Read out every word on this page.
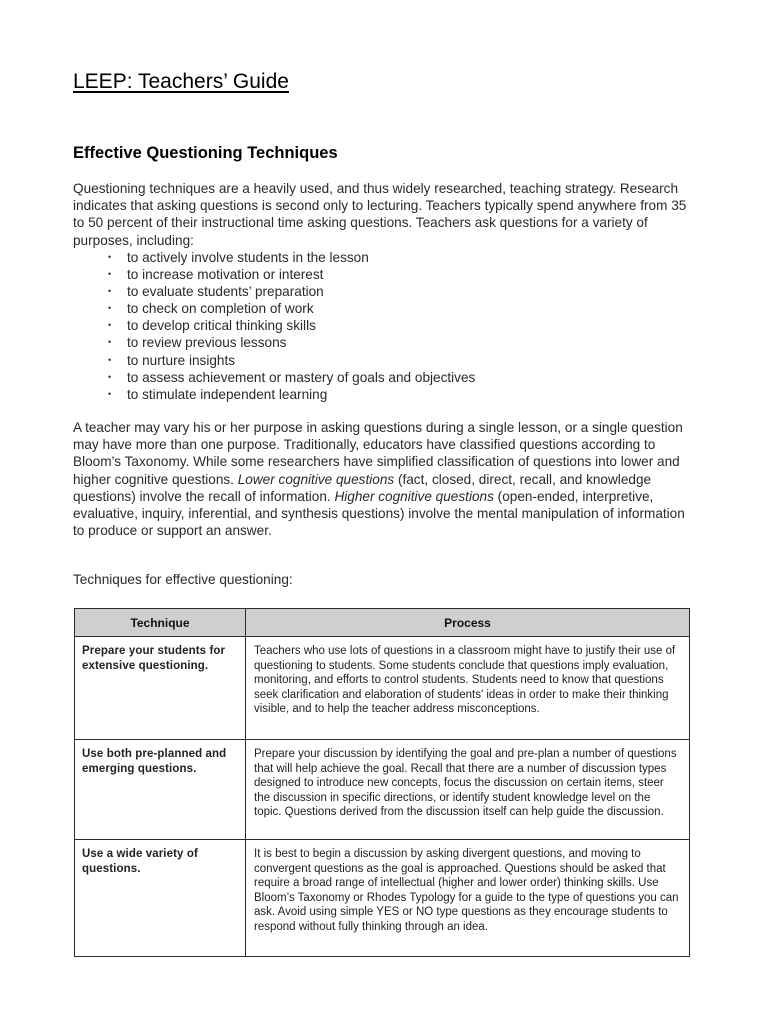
LEEP: Teachers’ Guide
Effective Questioning Techniques

Questioning techniques are a heavily used, and thus widely researched, teaching strategy. Research indicates that asking questions is second only to lecturing. Teachers typically spend anywhere from 35 to 50 percent of their instructional time asking questions. Teachers ask questions for a variety of purposes, including:

• to actively involve students in the lesson
• to increase motivation or interest
• to evaluate students’ preparation
• to check on completion of work
• to develop critical thinking skills
• to review previous lessons
• to nurture insights
• to assess achievement or mastery of goals and objectives
• to stimulate independent learning

A teacher may vary his or her purpose in asking questions during a single lesson, or a single question may have more than one purpose. Traditionally, educators have classified questions according to Bloom’s Taxonomy. While some researchers have simplified classification of questions into lower and higher cognitive questions. Lower cognitive questions (fact, closed, direct, recall, and knowledge questions) involve the recall of information. Higher cognitive questions (open-ended, interpretive, evaluative, inquiry, inferential, and synthesis questions) involve the mental manipulation of information to produce or support an answer.

Techniques for effective questioning:

Technique	Process
Prepare your students for extensive questioning.	Teachers who use lots of questions in a classroom might have to justify their use of questioning to students. Some students conclude that questions imply evaluation, monitoring, and efforts to control students. Students need to know that questions seek clarification and elaboration of students' ideas in order to make their thinking visible, and to help the teacher address misconceptions.
Use both pre-planned and emerging questions.	Prepare your discussion by identifying the goal and pre-plan a number of questions that will help achieve the goal. Recall that there are a number of discussion types designed to introduce new concepts, focus the discussion on certain items, steer the discussion in specific directions, or identify student knowledge level on the topic. Questions derived from the discussion itself can help guide the discussion.
Use a wide variety of questions.	It is best to begin a discussion by asking divergent questions, and moving to convergent questions as the goal is approached. Questions should be asked that require a broad range of intellectual (higher and lower order) thinking skills. Use Bloom’s Taxonomy or Rhodes Typology for a guide to the type of questions you can ask. Avoid using simple YES or NO type questions as they encourage students to respond without fully thinking through an idea.
